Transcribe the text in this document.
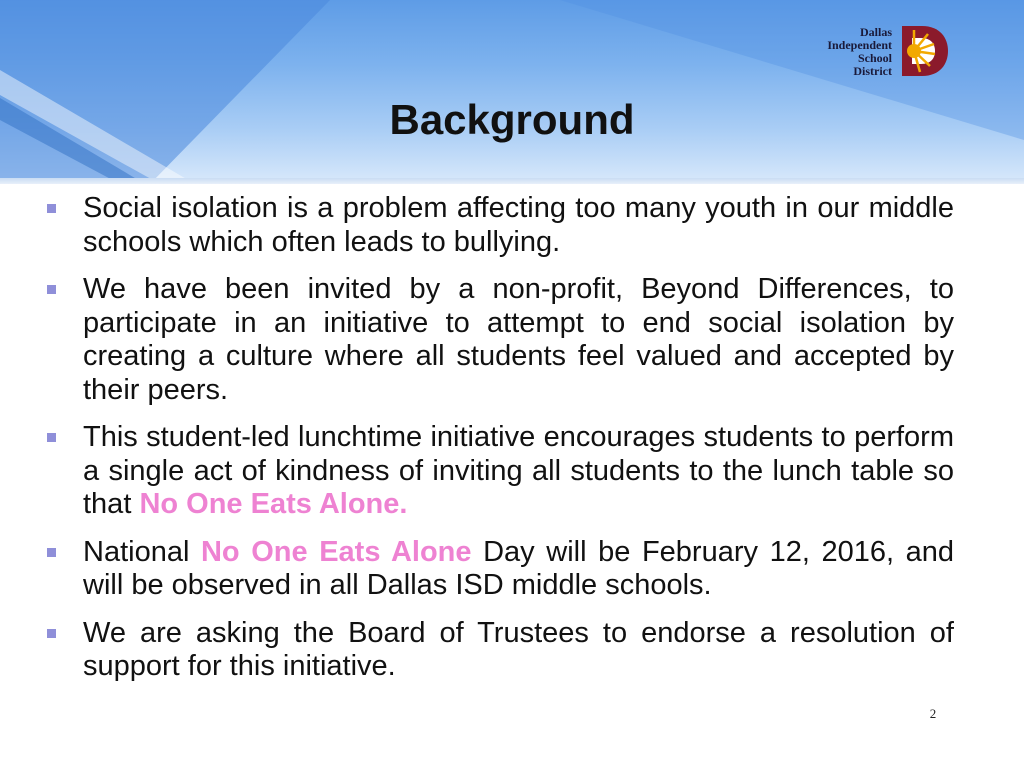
Dallas
Independent
School
District
Background
Social isolation is a problem affecting too many youth in our middle schools which often leads to bullying.
We have been invited by a non-profit, Beyond Differences, to participate in an initiative to attempt to end social isolation by creating a culture where all students feel valued and accepted by their peers.
This student-led lunchtime initiative encourages students to perform a single act of kindness of inviting all students to the lunch table so that No One Eats Alone.
National No One Eats Alone Day will be February 12, 2016, and will be observed in all Dallas ISD middle schools.
We are asking the Board of Trustees to endorse a resolution of support for this initiative.
2
